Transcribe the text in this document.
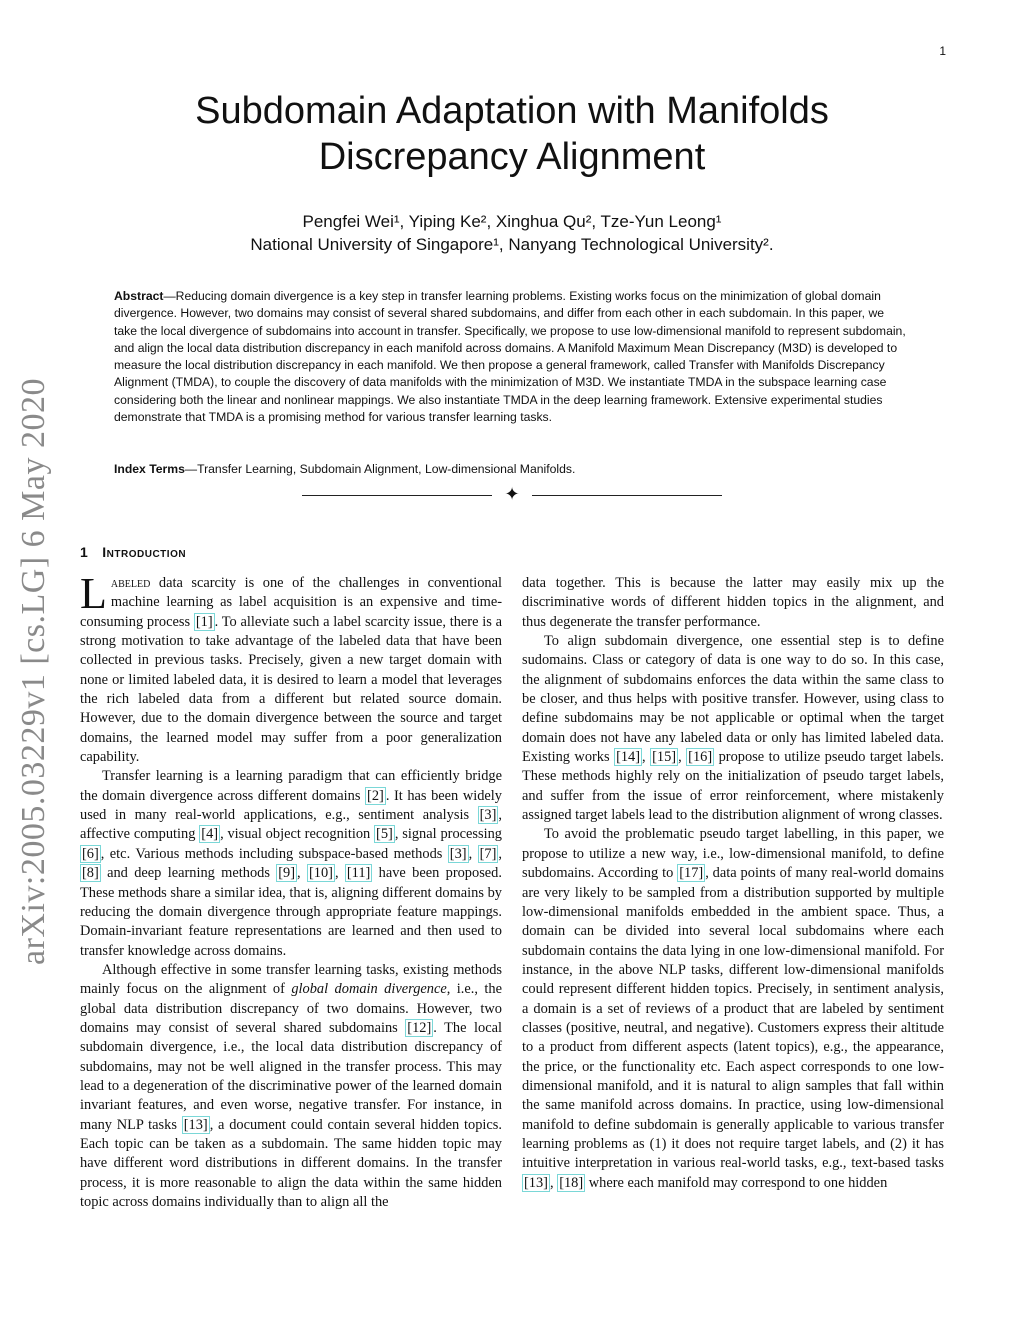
1
arXiv:2005.03229v1 [cs.LG] 6 May 2020
Subdomain Adaptation with Manifolds
Discrepancy Alignment
Pengfei Wei¹, Yiping Ke², Xinghua Qu², Tze-Yun Leong¹
National University of Singapore¹, Nanyang Technological University².
Abstract—Reducing domain divergence is a key step in transfer learning problems. Existing works focus on the minimization of global domain divergence. However, two domains may consist of several shared subdomains, and differ from each other in each subdomain. In this paper, we take the local divergence of subdomains into account in transfer. Specifically, we propose to use low-dimensional manifold to represent subdomain, and align the local data distribution discrepancy in each manifold across domains. A Manifold Maximum Mean Discrepancy (M3D) is developed to measure the local distribution discrepancy in each manifold. We then propose a general framework, called Transfer with Manifolds Discrepancy Alignment (TMDA), to couple the discovery of data manifolds with the minimization of M3D. We instantiate TMDA in the subspace learning case considering both the linear and nonlinear mappings. We also instantiate TMDA in the deep learning framework. Extensive experimental studies demonstrate that TMDA is a promising method for various transfer learning tasks.
Index Terms—Transfer Learning, Subdomain Alignment, Low-dimensional Manifolds.
✦
1 Introduction

Labeled data scarcity is one of the challenges in conventional machine learning as label acquisition is an expensive and time-consuming process [1] . To alleviate such a label scarcity issue, there is a strong motivation to take advantage of the labeled data that have been collected in previous tasks. Precisely, given a new target domain with none or limited labeled data, it is desired to learn a model that leverages the rich labeled data from a different but related source domain. However, due to the domain divergence between the source and target domains, the learned model may suffer from a poor generalization capability.

Transfer learning is a learning paradigm that can efficiently bridge the domain divergence across different domains [2] . It has been widely used in many real-world applications, e.g., sentiment analysis [3] , affective computing [4] , visual object recognition [5] , signal processing [6] , etc. Various methods including subspace-based methods [3] , [7] , [8] and deep learning methods [9] , [10] , [11] have been proposed. These methods share a similar idea, that is, aligning different domains by reducing the domain divergence through appropriate feature mappings. Domain-invariant feature representations are learned and then used to transfer knowledge across domains.

Although effective in some transfer learning tasks, existing methods mainly focus on the alignment of global domain divergence, i.e., the global data distribution discrepancy of two domains. However, two domains may consist of several shared subdomains [12] . The local subdomain divergence, i.e., the local data distribution discrepancy of subdomains, may not be well aligned in the transfer process. This may lead to a degeneration of the discriminative power of the learned domain invariant features, and even worse, negative transfer. For instance, in many NLP tasks [13] , a document could contain several hidden topics. Each topic can be taken as a subdomain. The same hidden topic may have different word distributions in different domains. In the transfer process, it is more reasonable to align the data within the same hidden topic across domains individually than to align all the

data together. This is because the latter may easily mix up the discriminative words of different hidden topics in the alignment, and thus degenerate the transfer performance.

To align subdomain divergence, one essential step is to define sudomains. Class or category of data is one way to do so. In this case, the alignment of subdomains enforces the data within the same class to be closer, and thus helps with positive transfer. However, using class to define subdomains may be not applicable or optimal when the target domain does not have any labeled data or only has limited labeled data. Existing works [14] , [15] , [16] propose to utilize pseudo target labels. These methods highly rely on the initialization of pseudo target labels, and suffer from the issue of error reinforcement, where mistakenly assigned target labels lead to the distribution alignment of wrong classes.

To avoid the problematic pseudo target labelling, in this paper, we propose to utilize a new way, i.e., low-dimensional manifold, to define subdomains. According to [17] , data points of many real-world domains are very likely to be sampled from a distribution supported by multiple low-dimensional manifolds embedded in the ambient space. Thus, a domain can be divided into several local subdomains where each subdomain contains the data lying in one low-dimensional manifold. For instance, in the above NLP tasks, different low-dimensional manifolds could represent different hidden topics. Precisely, in sentiment analysis, a domain is a set of reviews of a product that are labeled by sentiment classes (positive, neutral, and negative). Customers express their altitude to a product from different aspects (latent topics), e.g., the appearance, the price, or the functionality etc. Each aspect corresponds to one low-dimensional manifold, and it is natural to align samples that fall within the same manifold across domains. In practice, using low-dimensional manifold to define subdomain is generally applicable to various transfer learning problems as (1) it does not require target labels, and (2) it has intuitive interpretation in various real-world tasks, e.g., text-based tasks [13] , [18] where each manifold may correspond to one hidden
